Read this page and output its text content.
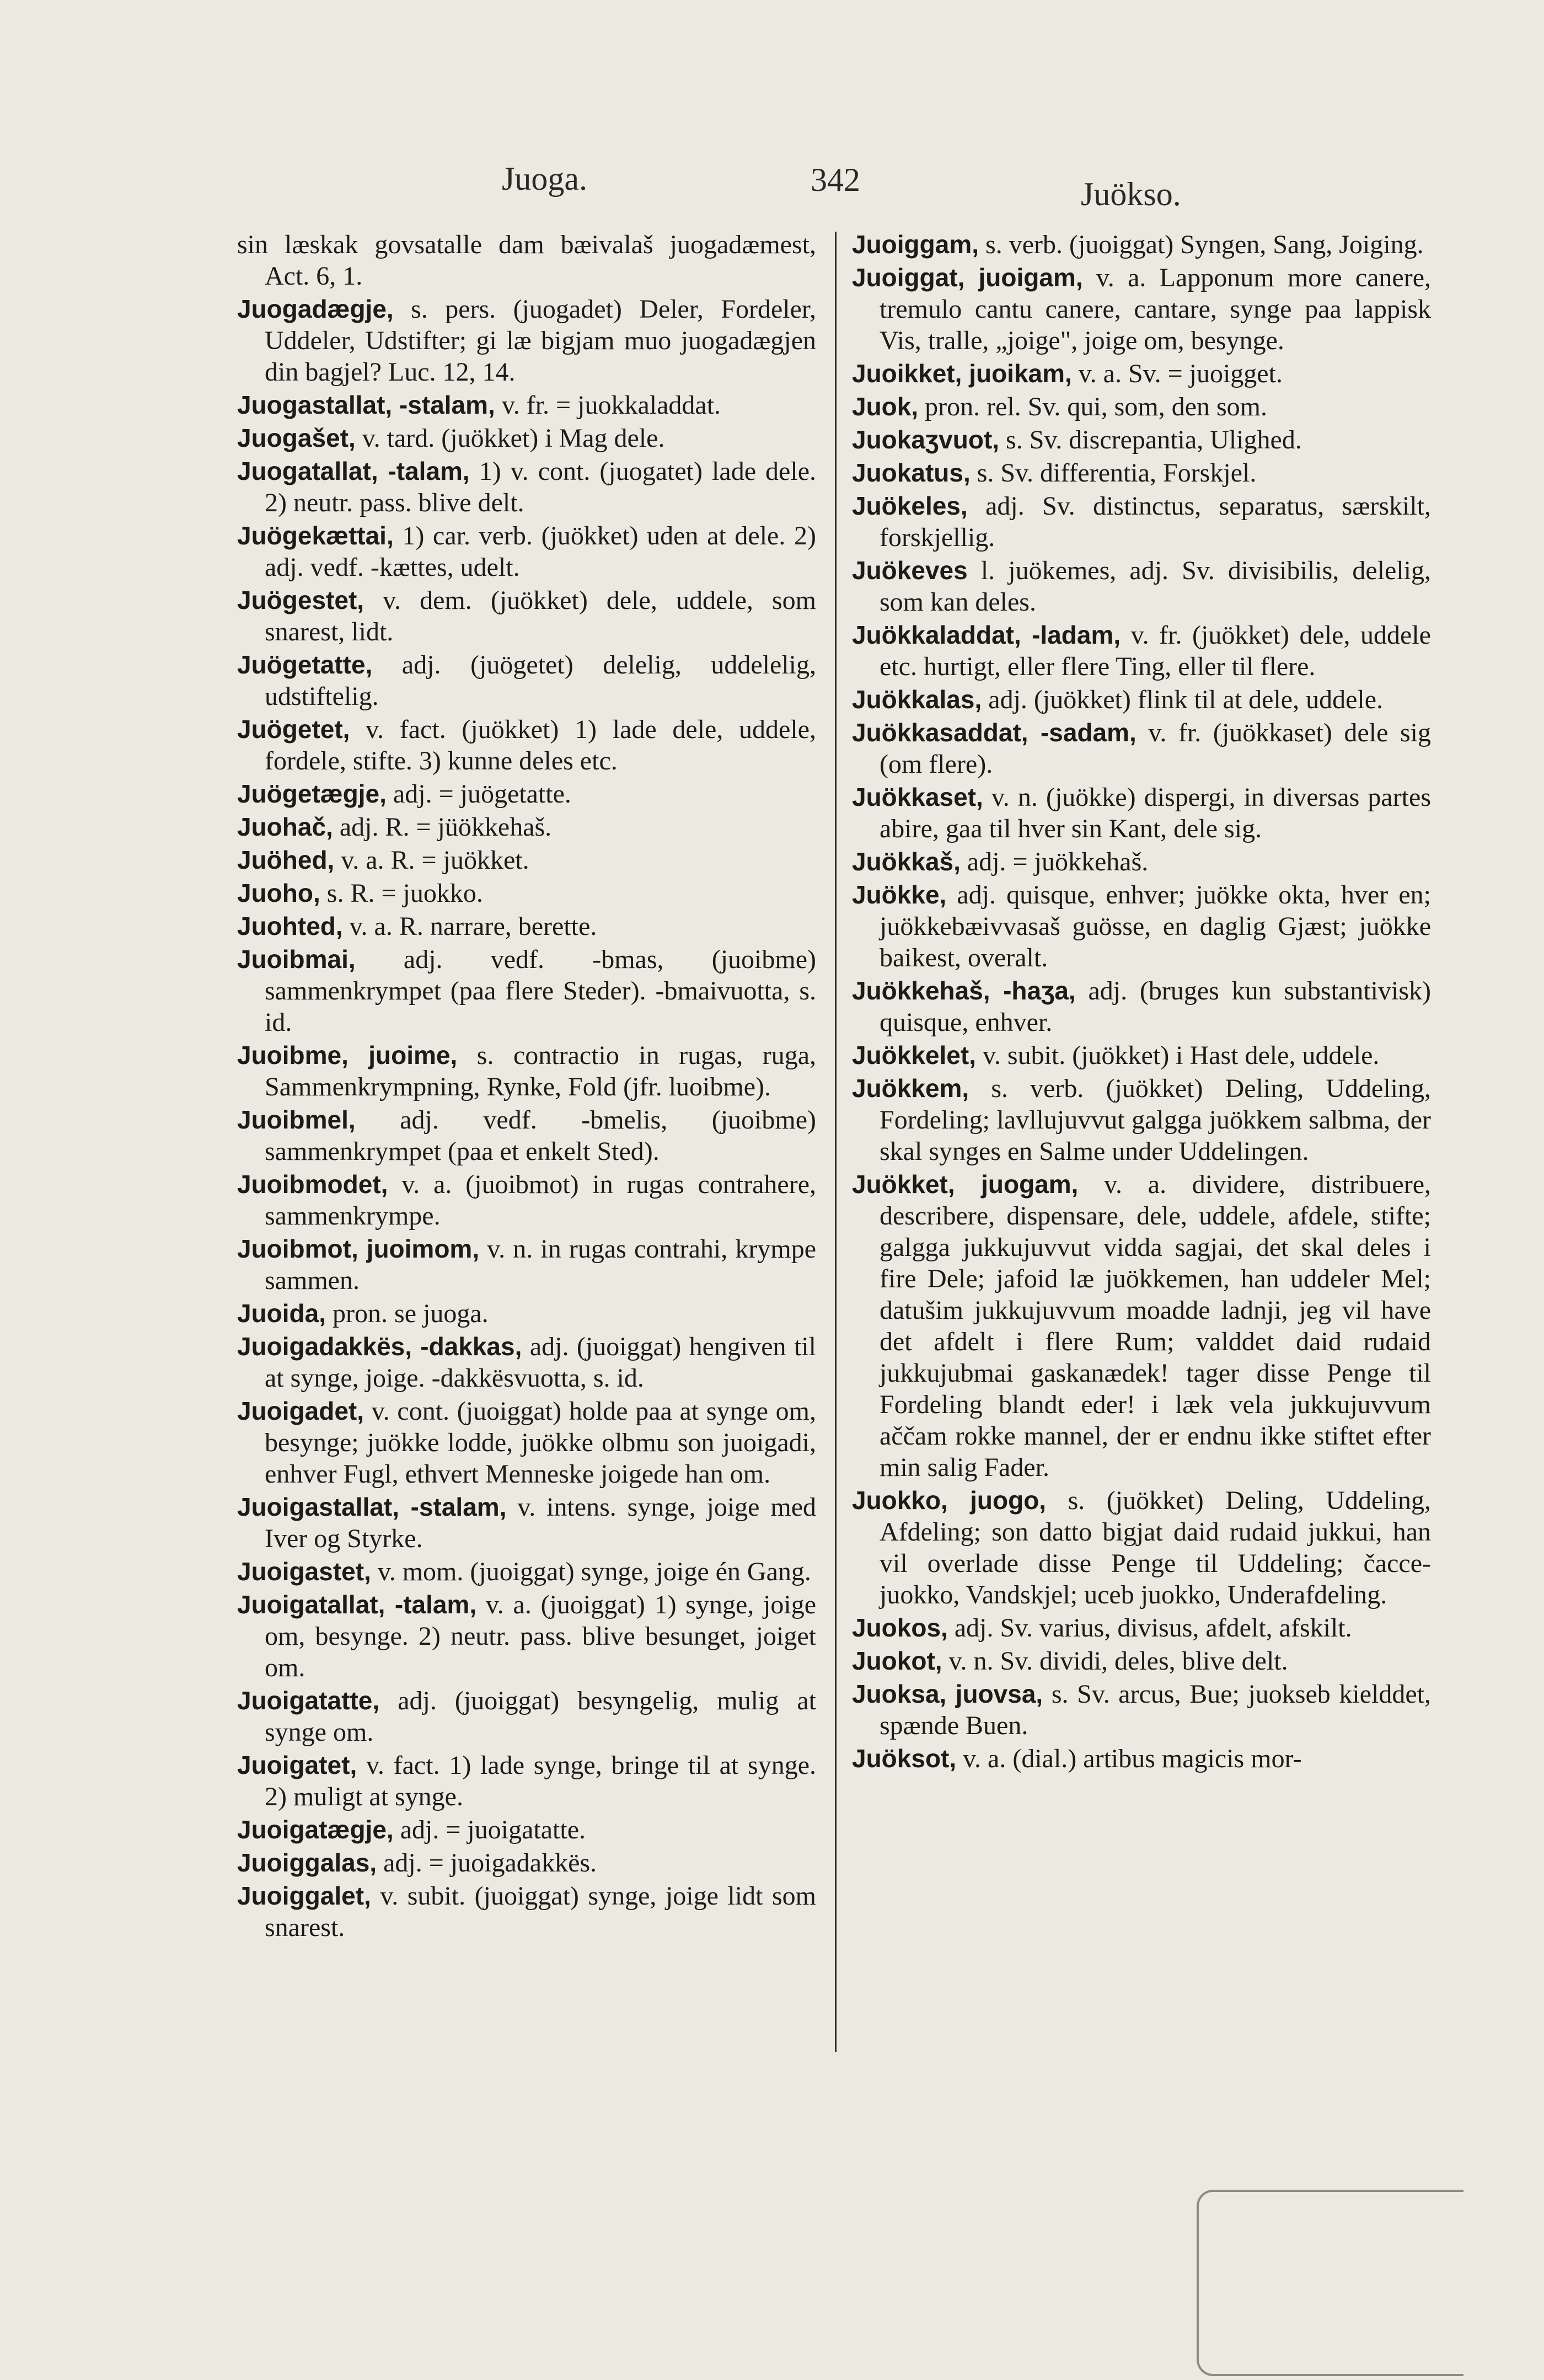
Juoga.	342	Juökso.

sin læskak govsatalle dam bæivalaš juogadæmest, Act. 6, 1.

Juogadægje, s. pers. (juogadet) Deler, Fordeler, Uddeler, Udstifter; gi læ bigjam muo juogadægjen din bagjel? Luc. 12, 14.

Juogastallat, -stalam, v. fr. = juokkaladdat.

Juogašet, v. tard. (juökket) i Mag dele.

Juogatallat, -talam, 1) v. cont. (juogatet) lade dele. 2) neutr. pass. blive delt.

Juögekættai, 1) car. verb. (juökket) uden at dele. 2) adj. vedf. -kættes, udelt.

Juögestet, v. dem. (juökket) dele, uddele, som snarest, lidt.

Juögetatte, adj. (juögetet) delelig, uddelelig, udstiftelig.

Juögetet, v. fact. (juökket) 1) lade dele, uddele, fordele, stifte. 3) kunne deles etc.

Juögetægje, adj. = juögetatte.

Juohač, adj. R. = jüökkehaš.

Juöhed, v. a. R. = juökket.

Juoho, s. R. = juokko.

Juohted, v. a. R. narrare, berette.

Juoibmai, adj. vedf. -bmas, (juoibme) sammenkrympet (paa flere Steder). -bmaivuotta, s. id.

Juoibme, juoime, s. contractio in rugas, ruga, Sammenkrympning, Rynke, Fold (jfr. luoibme).

Juoibmel, adj. vedf. -bmelis, (juoibme) sammenkrympet (paa et enkelt Sted).

Juoibmodet, v. a. (juoibmot) in rugas contrahere, sammenkrympe.

Juoibmot, juoimom, v. n. in rugas contrahi, krympe sammen.

Juoida, pron. se juoga.

Juoigadakkës, -dakkas, adj. (juoiggat) hengiven til at synge, joige. -dakkësvuotta, s. id.

Juoigadet, v. cont. (juoiggat) holde paa at synge om, besynge; juökke lodde, juökke olbmu son juoigadi, enhver Fugl, ethvert Menneske joigede han om.

Juoigastallat, -stalam, v. intens. synge, joige med Iver og Styrke.

Juoigastet, v. mom. (juoiggat) synge, joige én Gang.

Juoigatallat, -talam, v. a. (juoiggat) 1) synge, joige om, besynge. 2) neutr. pass. blive besunget, joiget om.

Juoigatatte, adj. (juoiggat) besyngelig, mulig at synge om.

Juoigatet, v. fact. 1) lade synge, bringe til at synge. 2) muligt at synge.

Juoigatægje, adj. = juoigatatte.

Juoiggalas, adj. = juoigadakkës.

Juoiggalet, v. subit. (juoiggat) synge, joige lidt som snarest.

Juoiggam, s. verb. (juoiggat) Syngen, Sang, Joiging.

Juoiggat, juoigam, v. a. Lapponum more canere, tremulo cantu canere, cantare, synge paa lappisk Vis, tralle, „joige", joige om, besynge.

Juoikket, juoikam, v. a. Sv. = juoigget.

Juok, pron. rel. Sv. qui, som, den som.

Juokaʒvuot, s. Sv. discrepantia, Ulighed.

Juokatus, s. Sv. differentia, Forskjel.

Juökeles, adj. Sv. distinctus, separatus, særskilt, forskjellig.

Juökeves l. juökemes, adj. Sv. divisibilis, delelig, som kan deles.

Juökkaladdat, -ladam, v. fr. (juökket) dele, uddele etc. hurtigt, eller flere Ting, eller til flere.

Juökkalas, adj. (juökket) flink til at dele, uddele.

Juökkasaddat, -sadam, v. fr. (juökkaset) dele sig (om flere).

Juökkaset, v. n. (juökke) dispergi, in diversas partes abire, gaa til hver sin Kant, dele sig.

Juökkaš, adj. = juökkehaš.

Juökke, adj. quisque, enhver; juökke okta, hver en; juökkebæivvasaš guösse, en daglig Gjæst; juökke baikest, overalt.

Juökkehaš, -haʒa, adj. (bruges kun substantivisk) quisque, enhver.

Juökkelet, v. subit. (juökket) i Hast dele, uddele.

Juökkem, s. verb. (juökket) Deling, Uddeling, Fordeling; lavllujuvvut galgga juökkem salbma, der skal synges en Salme under Uddelingen.

Juökket, juogam, v. a. dividere, distribuere, describere, dispensare, dele, uddele, afdele, stifte; galgga jukkujuvvut vidda sagjai, det skal deles i fire Dele; jafoid læ juökkemen, han uddeler Mel; datušim jukkujuvvum moadde ladnji, jeg vil have det afdelt i flere Rum; valddet daid rudaid jukkujubmai gaskanædek! tager disse Penge til Fordeling blandt eder! i læk vela jukkujuvvum aččam rokke mannel, der er endnu ikke stiftet efter min salig Fader.

Juokko, juogo, s. (juökket) Deling, Uddeling, Afdeling; son datto bigjat daid rudaid jukkui, han vil overlade disse Penge til Uddeling; čacce-juokko, Vandskjel; uceb juokko, Underafdeling.

Juokos, adj. Sv. varius, divisus, afdelt, afskilt.

Juokot, v. n. Sv. dividi, deles, blive delt.

Juoksa, juovsa, s. Sv. arcus, Bue; juokseb kielddet, spænde Buen.

Juöksot, v. a. (dial.) artibus magicis mor-
